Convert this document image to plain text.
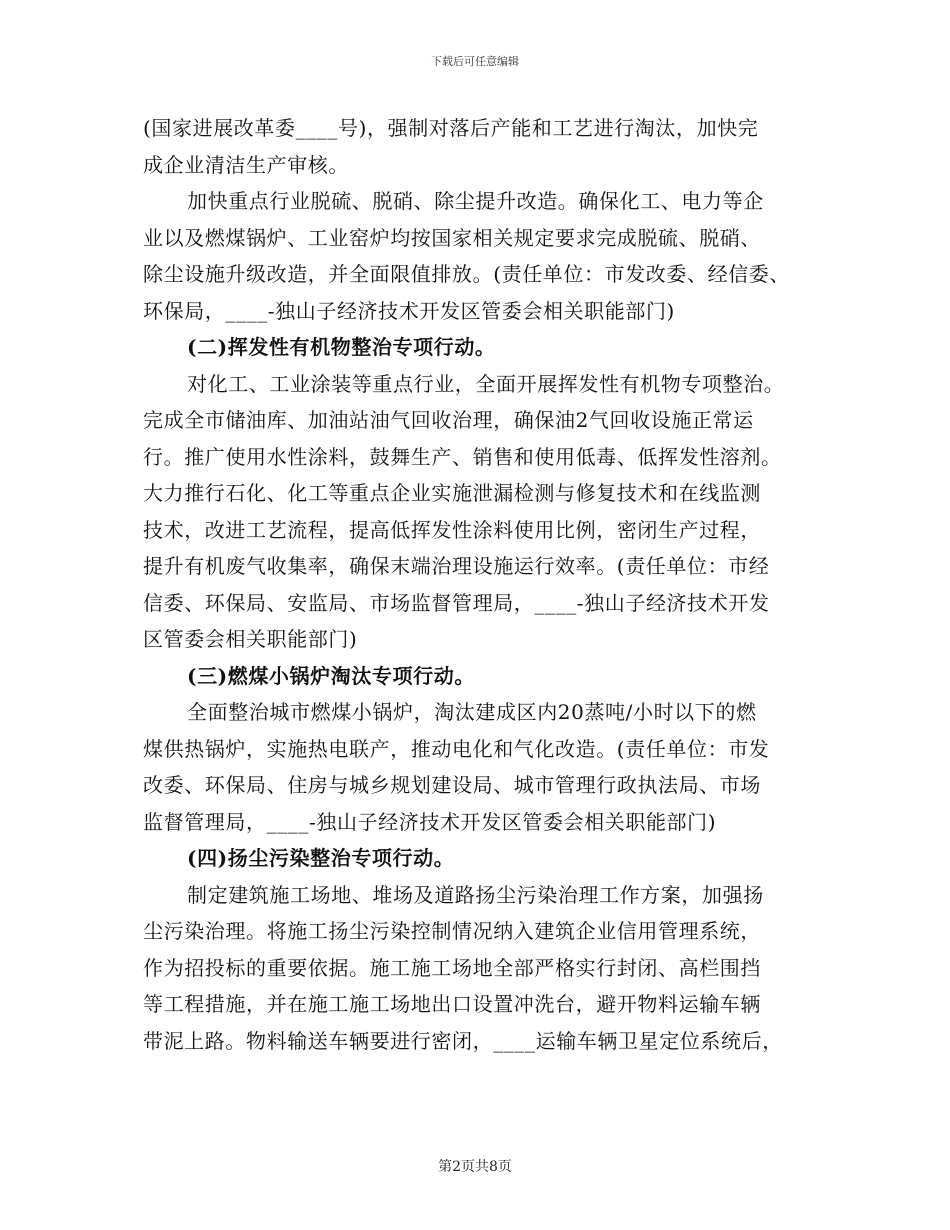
下载后可任意编辑
(国家进展改革委____号)，强制对落后产能和工艺进行淘汰，加快完
成企业清洁生产审核。
加快重点行业脱硫、脱硝、除尘提升改造。确保化工、电力等企
业以及燃煤锅炉、工业窑炉均按国家相关规定要求完成脱硫、脱硝、
除尘设施升级改造，并全面限值排放。(责任单位：市发改委、经信委、
环保局，____-独山子经济技术开发区管委会相关职能部门)
(二)挥发性有机物整治专项行动。
对化工、工业涂装等重点行业，全面开展挥发性有机物专项整治。
完成全市储油库、加油站油气回收治理，确保油2气回收设施正常运
行。推广使用水性涂料，鼓舞生产、销售和使用低毒、低挥发性溶剂。
大力推行石化、化工等重点企业实施泄漏检测与修复技术和在线监测
技术，改进工艺流程，提高低挥发性涂料使用比例，密闭生产过程，
提升有机废气收集率，确保末端治理设施运行效率。(责任单位：市经
信委、环保局、安监局、市场监督管理局，____-独山子经济技术开发
区管委会相关职能部门)
(三)燃煤小锅炉淘汰专项行动。
全面整治城市燃煤小锅炉，淘汰建成区内20蒸吨/小时以下的燃
煤供热锅炉，实施热电联产，推动电化和气化改造。(责任单位：市发
改委、环保局、住房与城乡规划建设局、城市管理行政执法局、市场
监督管理局，____-独山子经济技术开发区管委会相关职能部门)
(四)扬尘污染整治专项行动。
制定建筑施工场地、堆场及道路扬尘污染治理工作方案，加强扬
尘污染治理。将施工扬尘污染控制情况纳入建筑企业信用管理系统，
作为招投标的重要依据。施工施工场地全部严格实行封闭、高栏围挡
等工程措施，并在施工施工场地出口设置冲洗台，避开物料运输车辆
带泥上路。物料输送车辆要进行密闭，____运输车辆卫星定位系统后，
第2页共8页
